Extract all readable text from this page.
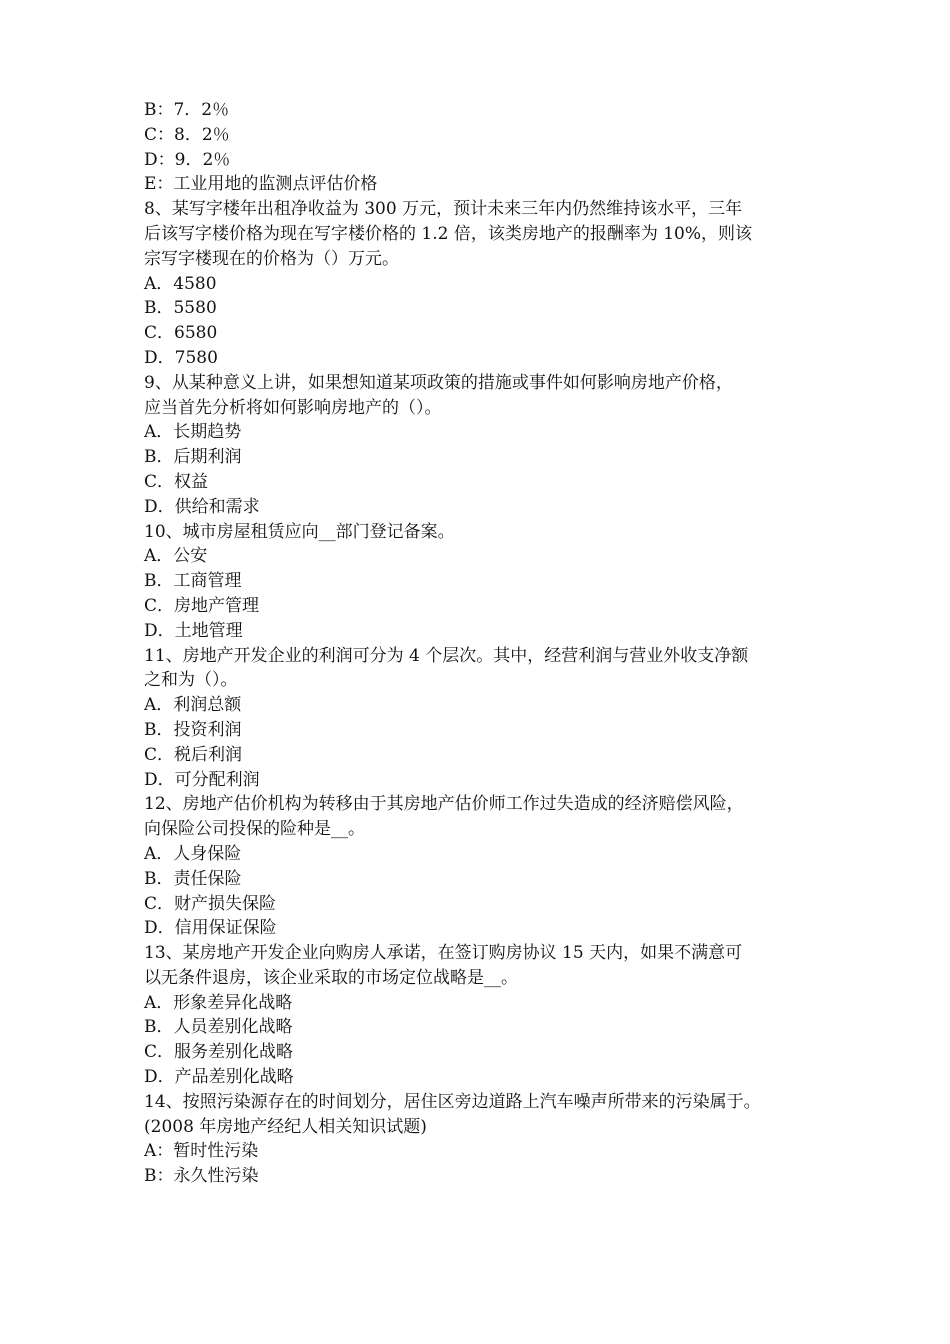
B：7．2％
C：8．2％
D：9．2％
E：工业用地的监测点评估价格
8、某写字楼年出租净收益为 300 万元，预计未来三年内仍然维持该水平，三年
后该写字楼价格为现在写字楼价格的 1.2 倍，该类房地产的报酬率为 10%，则该
宗写字楼现在的价格为（）万元。
A．4580
B．5580
C．6580
D．7580
9、从某种意义上讲，如果想知道某项政策的措施或事件如何影响房地产价格，
应当首先分析将如何影响房地产的（）。
A．长期趋势
B．后期利润
C．权益
D．供给和需求
10、城市房屋租赁应向__部门登记备案。
A．公安
B．工商管理
C．房地产管理
D．土地管理
11、房地产开发企业的利润可分为 4 个层次。其中，经营利润与营业外收支净额
之和为（）。
A．利润总额
B．投资利润
C．税后利润
D．可分配利润
12、房地产估价机构为转移由于其房地产估价师工作过失造成的经济赔偿风险，
向保险公司投保的险种是__。
A．人身保险
B．责任保险
C．财产损失保险
D．信用保证保险
13、某房地产开发企业向购房人承诺，在签订购房协议 15 天内，如果不满意可
以无条件退房，该企业采取的市场定位战略是__。
A．形象差异化战略
B．人员差别化战略
C．服务差别化战略
D．产品差别化战略
14、按照污染源存在的时间划分，居住区旁边道路上汽车噪声所带来的污染属于。
(2008 年房地产经纪人相关知识试题)
A：暂时性污染
B：永久性污染
